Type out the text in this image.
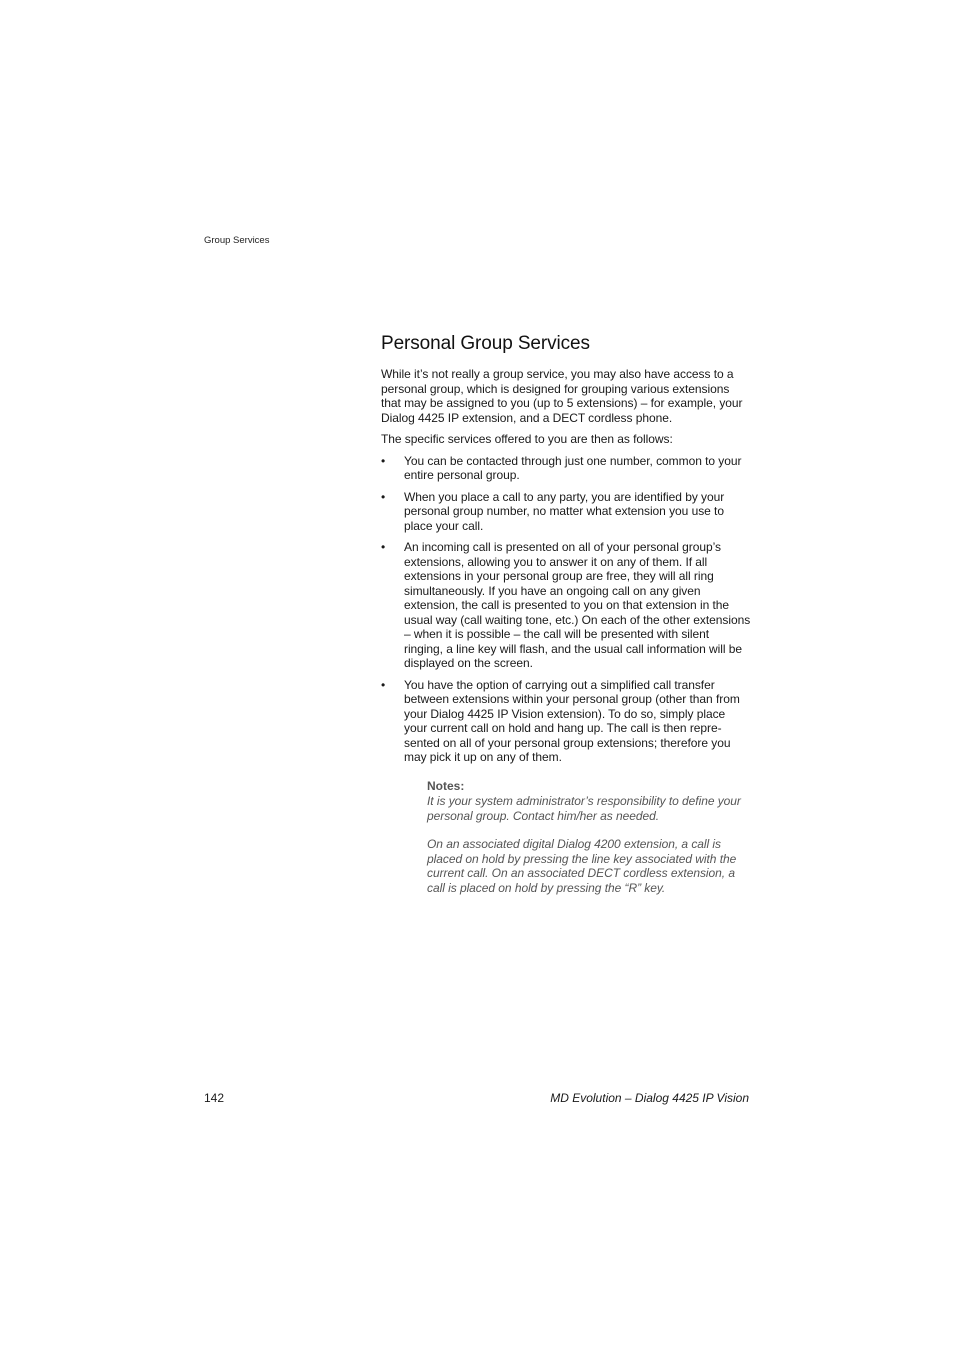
Group Services
Personal Group Services

While it’s not really a group service, you may also have access to a personal group, which is designed for grouping various extensions that may be assigned to you (up to 5 extensions) – for example, your Dialog 4425 IP extension, and a DECT cordless phone.

The specific services offered to you are then as follows:

• You can be contacted through just one number, common to your entire personal group.
• When you place a call to any party, you are identified by your personal group number, no matter what extension you use to place your call.
• An incoming call is presented on all of your personal group’s extensions, allowing you to answer it on any of them. If all extensions in your personal group are free, they will all ring simultaneously. If you have an ongoing call on any given extension, the call is presented to you on that extension in the usual way (call waiting tone, etc.) On each of the other extensions – when it is possible – the call will be presented with silent ringing, a line key will flash, and the usual call information will be displayed on the screen.
• You have the option of carrying out a simplified call transfer between extensions within your personal group (other than from your Dialog 4425 IP Vision extension). To do so, simply place your current call on hold and hang up. The call is then repre-sented on all of your personal group extensions; therefore you may pick it up on any of them.
Notes:

It is your system administrator’s responsibility to define your personal group. Contact him/her as needed.

On an associated digital Dialog 4200 extension, a call is placed on hold by pressing the line key associated with the current call. On an associated DECT cordless extension, a call is placed on hold by pressing the “R” key.

142	MD Evolution – Dialog 4425 IP Vision
